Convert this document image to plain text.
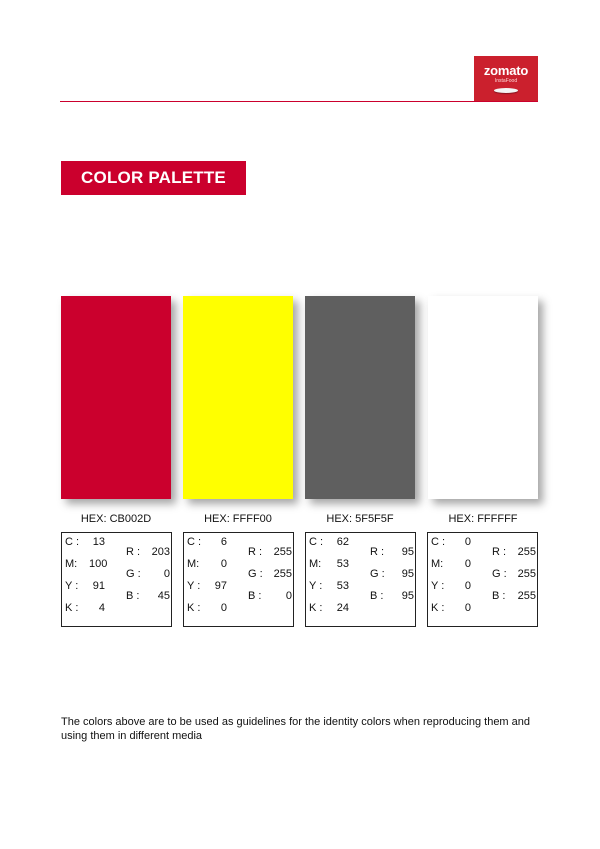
zomato
InstaFood
COLOR PALETTE
HEX: CB002D
C : 13
M: 100
Y : 91
K : 4
R : 203
G : 0
B : 45
HEX: FFFF00
C : 6
M: 0
Y : 97
K : 0
R : 255
G : 255
B : 0
HEX: 5F5F5F
C : 62
M: 53
Y : 53
K : 24
R : 95
G : 95
B : 95
HEX: FFFFFF
C : 0
M: 0
Y : 0
K : 0
R : 255
G : 255
B : 255
The colors above are to be used as guidelines for the identity colors when reproducing them and using them in different media
